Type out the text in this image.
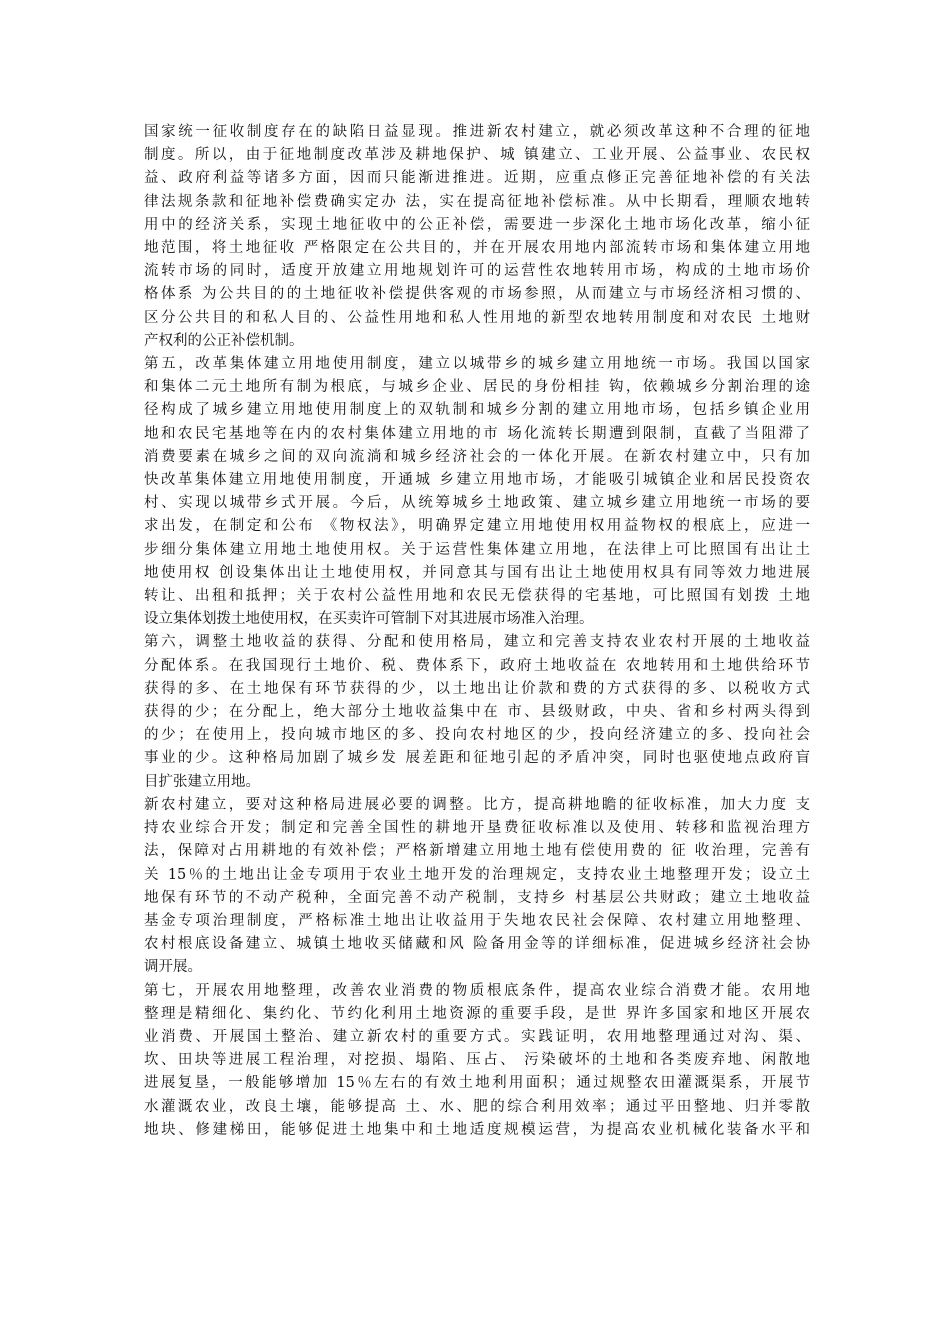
国家统一征收制度存在的缺陷日益显现。推进新农村建立，就必须改革这种不合理的征地
制度。所以，由于征地制度改革涉及耕地保护、城 镇建立、工业开展、公益事业、农民权
益、政府利益等诸多方面，因而只能渐进推进。近期，应重点修正完善征地补偿的有关法
律法规条款和征地补偿费确实定办 法，实在提高征地补偿标准。从中长期看，理顺农地转
用中的经济关系，实现土地征收中的公正补偿，需要进一步深化土地市场化改革，缩小征
地范围，将土地征收 严格限定在公共目的，并在开展农用地内部流转市场和集体建立用地
流转市场的同时，适度开放建立用地规划许可的运营性农地转用市场，构成的土地市场价
格体系 为公共目的的土地征收补偿提供客观的市场参照，从而建立与市场经济相习惯的、
区分公共目的和私人目的、公益性用地和私人性用地的新型农地转用制度和对农民 土地财
产权利的公正补偿机制。
第五，改革集体建立用地使用制度，建立以城带乡的城乡建立用地统一市场。我国以国家
和集体二元土地所有制为根底，与城乡企业、居民的身份相挂 钩，依赖城乡分割治理的途
径构成了城乡建立用地使用制度上的双轨制和城乡分割的建立用地市场，包括乡镇企业用
地和农民宅基地等在内的农村集体建立用地的市 场化流转长期遭到限制，直截了当阻滞了
消费要素在城乡之间的双向流淌和城乡经济社会的一体化开展。在新农村建立中，只有加
快改革集体建立用地使用制度，开通城 乡建立用地市场，才能吸引城镇企业和居民投资农
村、实现以城带乡式开展。今后，从统筹城乡土地政策、建立城乡建立用地统一市场的要
求出发，在制定和公布 《物权法》，明确界定建立用地使用权用益物权的根底上，应进一
步细分集体建立用地土地使用权。关于运营性集体建立用地，在法律上可比照国有出让土
地使用权 创设集体出让土地使用权，并同意其与国有出让土地使用权具有同等效力地进展
转让、出租和抵押；关于农村公益性用地和农民无偿获得的宅基地，可比照国有划拨 土地
设立集体划拨土地使用权，在买卖许可管制下对其进展市场准入治理。
第六，调整土地收益的获得、分配和使用格局，建立和完善支持农业农村开展的土地收益
分配体系。在我国现行土地价、税、费体系下，政府土地收益在 农地转用和土地供给环节
获得的多、在土地保有环节获得的少，以土地出让价款和费的方式获得的多、以税收方式
获得的少；在分配上，绝大部分土地收益集中在 市、县级财政，中央、省和乡村两头得到
的少；在使用上，投向城市地区的多、投向农村地区的少，投向经济建立的多、投向社会
事业的少。这种格局加剧了城乡发 展差距和征地引起的矛盾冲突，同时也驱使地点政府盲
目扩张建立用地。
新农村建立，要对这种格局进展必要的调整。比方，提高耕地瞻的征收标准，加大力度 支
持农业综合开发；制定和完善全国性的耕地开垦费征收标准以及使用、转移和监视治理方
法，保障对占用耕地的有效补偿；严格新增建立用地土地有偿使用费的 征 收治理，完善有
关 15％的土地出让金专项用于农业土地开发的治理规定，支持农业土地整理开发；设立土
地保有环节的不动产税种，全面完善不动产税制，支持乡 村基层公共财政；建立土地收益
基金专项治理制度，严格标准土地出让收益用于失地农民社会保障、农村建立用地整理、
农村根底设备建立、城镇土地收买储藏和风 险备用金等的详细标准，促进城乡经济社会协
调开展。
第七，开展农用地整理，改善农业消费的物质根底条件，提高农业综合消费才能。农用地
整理是精细化、集约化、节约化利用土地资源的重要手段，是世 界许多国家和地区开展农
业消费、开展国土整治、建立新农村的重要方式。实践证明，农用地整理通过对沟、渠、
坎、田块等进展工程治理，对挖损、塌陷、压占、 污染破坏的土地和各类废弃地、闲散地
进展复垦，一般能够增加 15％左右的有效土地利用面积；通过规整农田灌溉渠系，开展节
水灌溉农业，改良土壤，能够提高 土、水、肥的综合利用效率；通过平田整地、归并零散
地块、修建梯田，能够促进土地集中和土地适度规模运营，为提高农业机械化装备水平和
